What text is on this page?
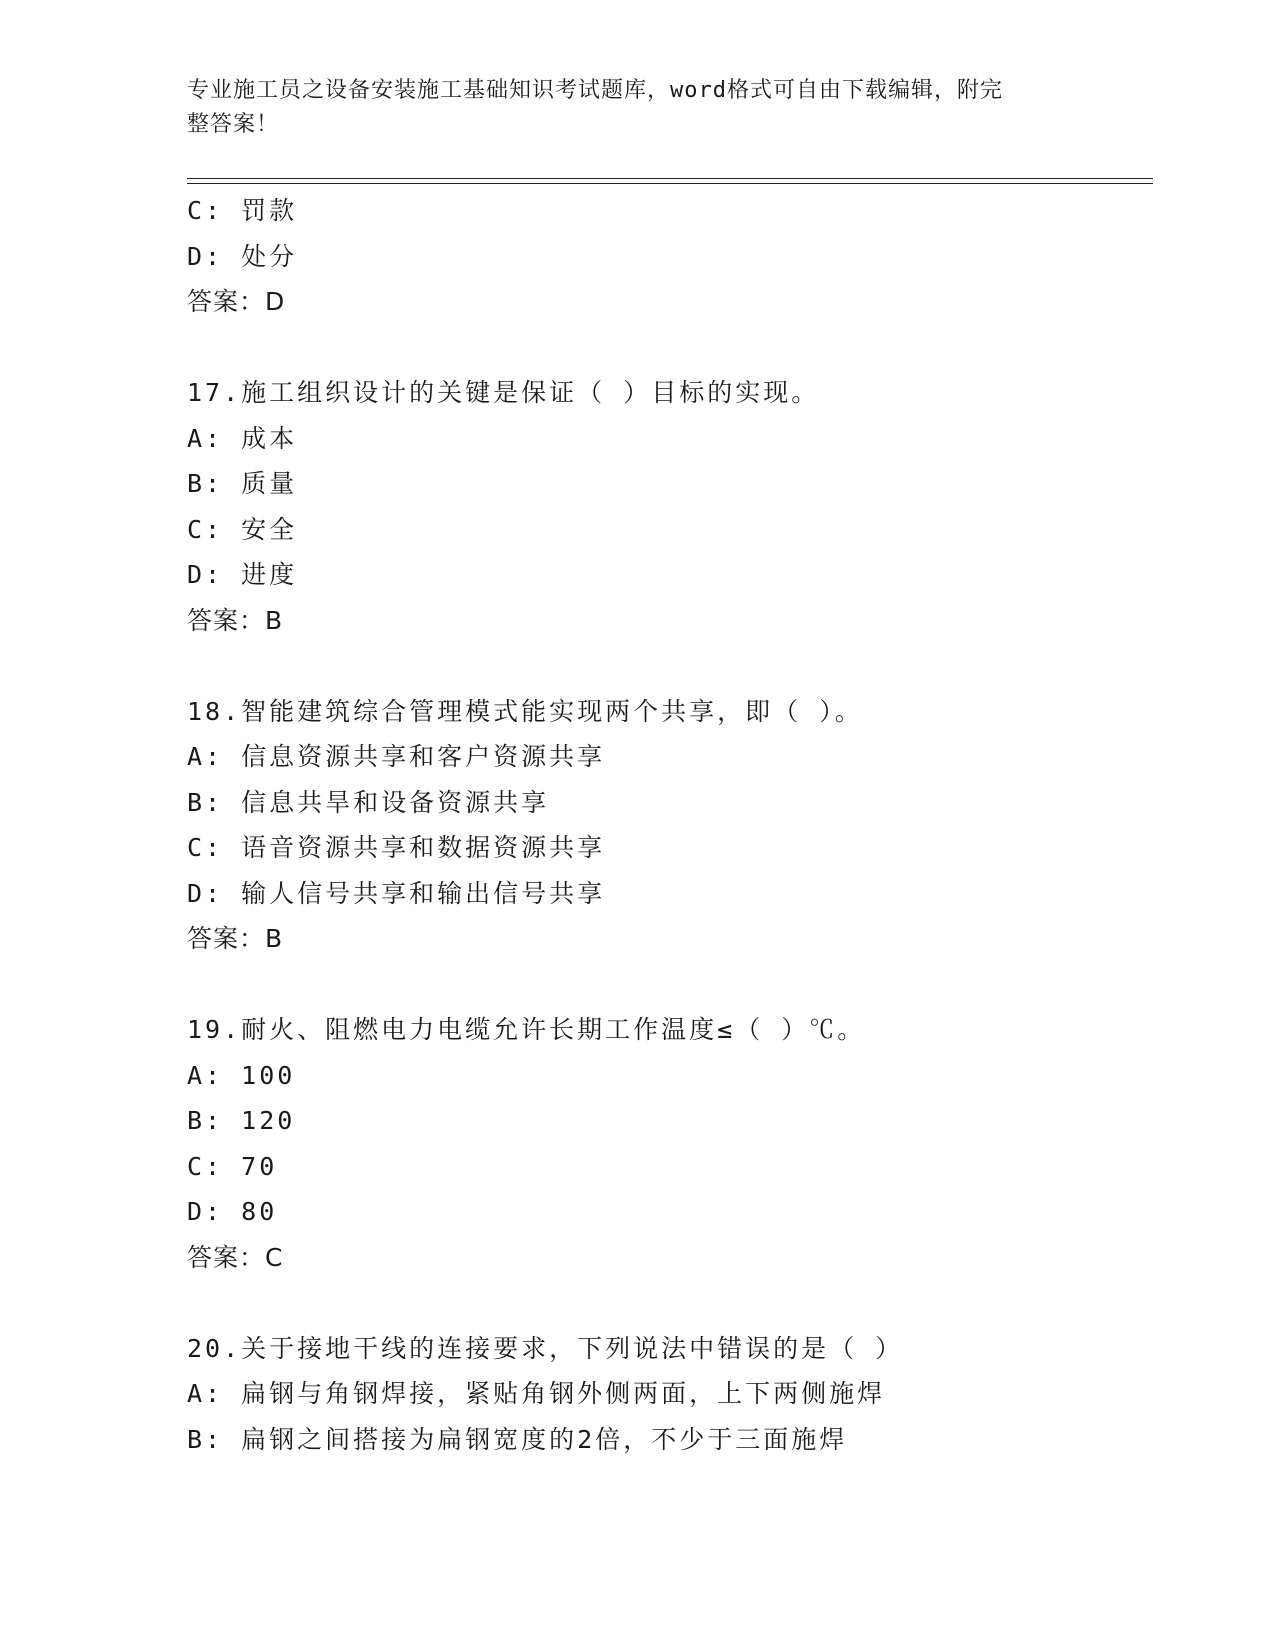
专业施工员之设备安装施工基础知识考试题库，word格式可自由下载编辑，附完
整答案！
C: 罚款
D: 处分
答案：D
17.施工组织设计的关键是保证（ ）目标的实现。
A: 成本
B: 质量
C: 安全
D: 进度
答案：B
18.智能建筑综合管理模式能实现两个共享，即（ ）。
A: 信息资源共享和客户资源共享
B: 信息共旱和设备资源共享
C: 语音资源共享和数据资源共享
D: 输人信号共享和输出信号共享
答案：B
19.耐火、阻燃电力电缆允许长期工作温度≤（ ）℃。
A: 100
B: 120
C: 70
D: 80
答案：C
20.关于接地干线的连接要求，下列说法中错误的是（ ）
A: 扁钢与角钢焊接，紧贴角钢外侧两面，上下两侧施焊
B: 扁钢之间搭接为扁钢宽度的2倍，不少于三面施焊
